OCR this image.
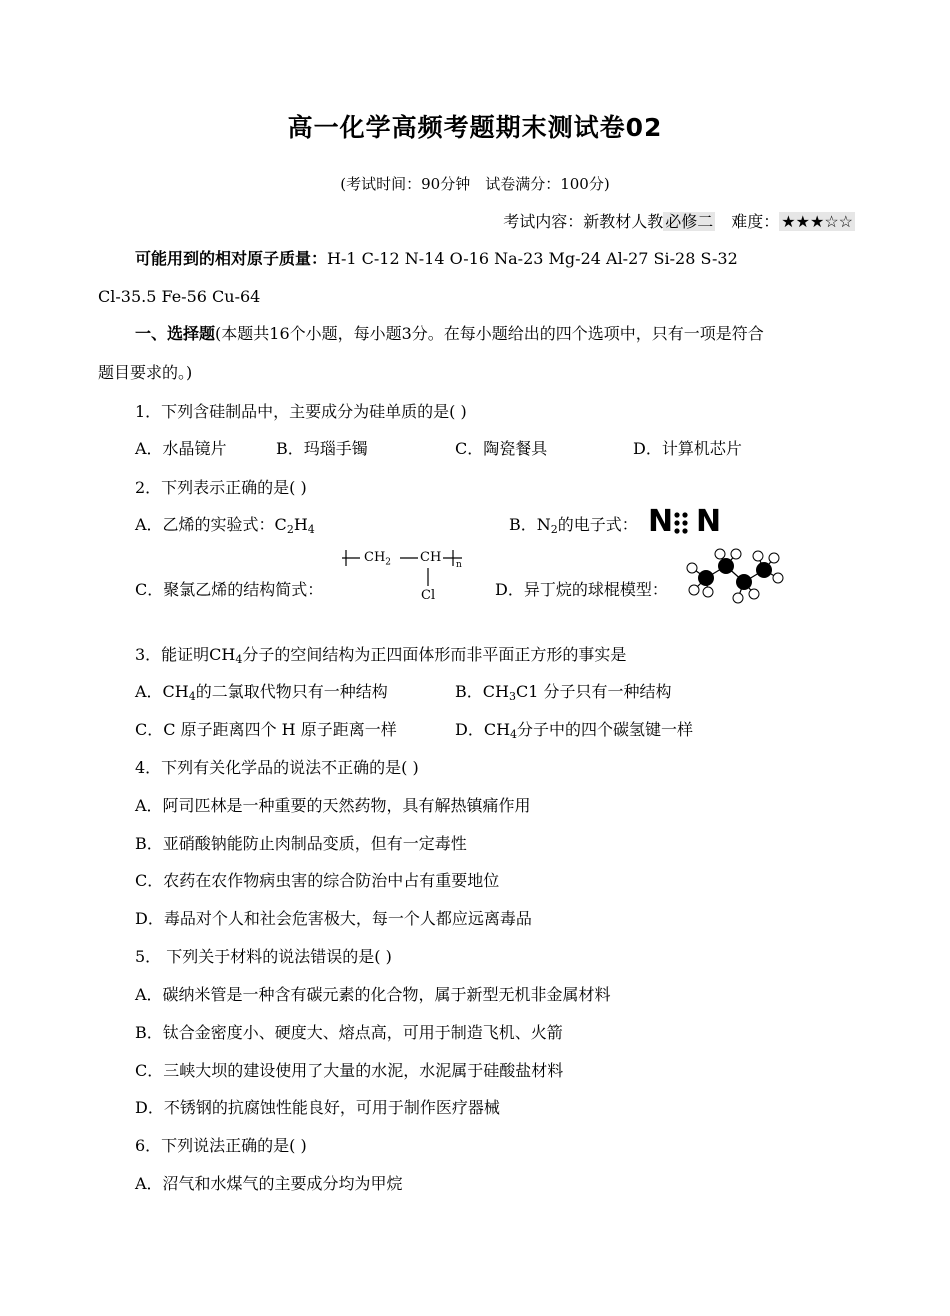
高一化学高频考题期末测试卷02
(考试时间：90分钟　试卷满分：100分)
考试内容：新教材人教 必修二　 难度： ★★★☆☆
可能用到的相对原子质量：H-1 C-12 N-14 O-16 Na-23 Mg-24 Al-27 Si-28 S-32
Cl-35.5 Fe-56 Cu-64
一、选择题(本题共16个小题，每小题3分。在每小题给出的四个选项中，只有一项是符合
题目要求的。)
1．下列含硅制品中，主要成分为硅单质的是( )
A．水晶镜片	B．玛瑙手镯	C．陶瓷餐具	D．计算机芯片
2．下列表示正确的是( )
A．乙烯的实验式：$C_2H_4$	B．$N_2$的电子式： N N
C．聚氯乙烯的结构简式：
$CH_2$ CH n
Cl	D．异丁烷的球棍模型：
3．能证明$CH_4$分子的空间结构为正四面体形而非平面正方形的事实是
A．$CH_4$的二氯取代物只有一种结构	B．$CH_3C1$ 分子只有一种结构
C．C 原子距离四个 H 原子距离一样	D．$CH_4$分子中的四个碳氢键一样
4．下列有关化学品的说法不正确的是( )
A．阿司匹林是一种重要的天然药物，具有解热镇痛作用
B．亚硝酸钠能防止肉制品变质，但有一定毒性
C．农药在农作物病虫害的综合防治中占有重要地位
D．毒品对个人和社会危害极大，每一个人都应远离毒品
5． 下列关于材料的说法错误的是( )
A．碳纳米管是一种含有碳元素的化合物，属于新型无机非金属材料
B．钛合金密度小、硬度大、熔点高，可用于制造飞机、火箭
C．三峡大坝的建设使用了大量的水泥，水泥属于硅酸盐材料
D．不锈钢的抗腐蚀性能良好，可用于制作医疗器械
6．下列说法正确的是( )
A．沼气和水煤气的主要成分均为甲烷
